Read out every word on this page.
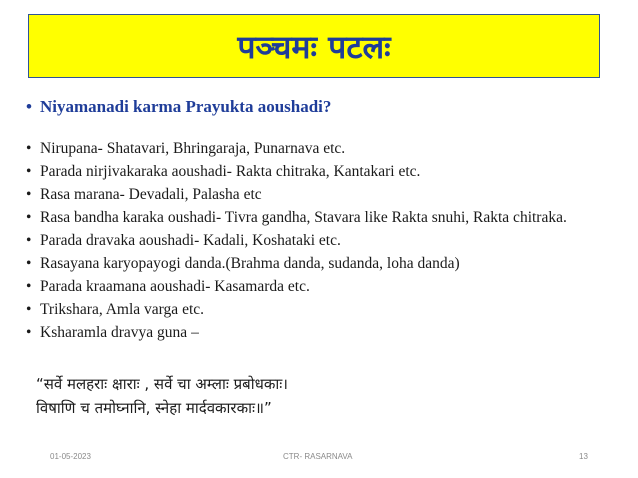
पञ्चमः पटलः
• Niyamanadi karma Prayukta aoushadi?
• Nirupana- Shatavari, Bhringaraja, Punarnava etc.
• Parada nirjivakaraka aoushadi- Rakta chitraka, Kantakari etc.
• Rasa marana- Devadali, Palasha etc
• Rasa bandha karaka oushadi- Tivra gandha, Stavara like Rakta snuhi, Rakta chitraka.
• Parada dravaka aoushadi- Kadali, Koshataki etc.
• Rasayana karyopayogi danda.(Brahma danda, sudanda, loha danda)
• Parada kraamana aoushadi- Kasamarda etc.
• Trikshara, Amla varga etc.
• Ksharamla dravya guna –
“सर्वे मलहराः क्षाराः , सर्वे चा अम्लाः प्रबोधकाः।
विषाणि च तमोघ्नानि, स्नेहा मार्दवकारकाः॥”
01-05-2023	CTR- RASARNAVA	13
